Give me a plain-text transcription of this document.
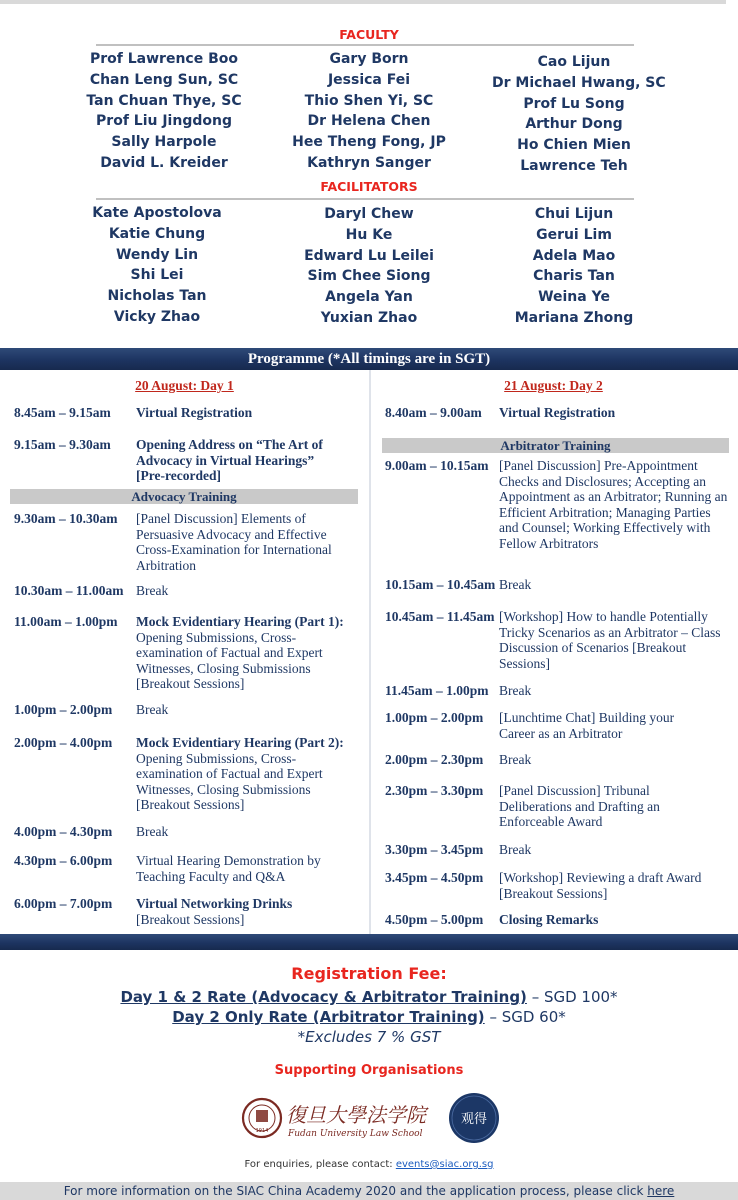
FACULTY
Prof Lawrence Boo
Chan Leng Sun, SC
Tan Chuan Thye, SC
Prof Liu Jingdong
Sally Harpole
David L. Kreider
Gary Born
Jessica Fei
Thio Shen Yi, SC
Dr Helena Chen
Hee Theng Fong, JP
Kathryn Sanger
Cao Lijun
Dr Michael Hwang, SC
Prof Lu Song
Arthur Dong
Ho Chien Mien
Lawrence Teh
FACILITATORS
Kate Apostolova
Katie Chung
Wendy Lin
Shi Lei
Nicholas Tan
Vicky Zhao
Daryl Chew
Hu Ke
Edward Lu Leilei
Sim Chee Siong
Angela Yan
Yuxian Zhao
Chui Lijun
Gerui Lim
Adela Mao
Charis Tan
Weina Ye
Mariana Zhong
Programme (*All timings are in SGT)
20 August: Day 1	21 August: Day 2
8.45am – 9.15am Virtual Registration
9.15am – 9.30am Opening Address on “The Art of Advocacy in Virtual Hearings” [Pre-recorded]
Advocacy Training
9.30am – 10.30am [Panel Discussion] Elements of Persuasive Advocacy and Effective Cross-Examination for International Arbitration
10.30am – 11.00am Break
11.00am – 1.00pm Mock Evidentiary Hearing (Part 1): Opening Submissions, Cross-examination of Factual and Expert Witnesses, Closing Submissions [Breakout Sessions]
1.00pm – 2.00pm Break
2.00pm – 4.00pm Mock Evidentiary Hearing (Part 2): Opening Submissions, Cross-examination of Factual and Expert Witnesses, Closing Submissions [Breakout Sessions]
4.00pm – 4.30pm Break
4.30pm – 6.00pm Virtual Hearing Demonstration by Teaching Faculty and Q&A
6.00pm – 7.00pm Virtual Networking Drinks
[Breakout Sessions]
8.40am – 9.00am Virtual Registration
Arbitrator Training
9.00am – 10.15am [Panel Discussion] Pre-Appointment Checks and Disclosures; Accepting an Appointment as an Arbitrator; Running an Efficient Arbitration; Managing Parties and Counsel; Working Effectively with Fellow Arbitrators
10.15am – 10.45am Break
10.45am – 11.45am [Workshop] How to handle Potentially Tricky Scenarios as an Arbitrator – Class Discussion of Scenarios [Breakout Sessions]
11.45am – 1.00pm Break
1.00pm – 2.00pm [Lunchtime Chat] Building your Career as an Arbitrator
2.00pm – 2.30pm Break
2.30pm – 3.30pm [Panel Discussion] Tribunal Deliberations and Drafting an Enforceable Award
3.30pm – 3.45pm Break
3.45pm – 4.50pm [Workshop] Reviewing a draft Award [Breakout Sessions]
4.50pm – 5.00pm Closing Remarks
Registration Fee:
Day 1 & 2 Rate (Advocacy & Arbitrator Training) – SGD 100*
Day 2 Only Rate (Arbitrator Training) – SGD 60*
*Excludes 7 % GST
Supporting Organisations
1914
復旦大學法学院
Fudan University Law School
观得
For enquiries, please contact: events@siac.org.sg
For more information on the SIAC China Academy 2020 and the application process, please click here
